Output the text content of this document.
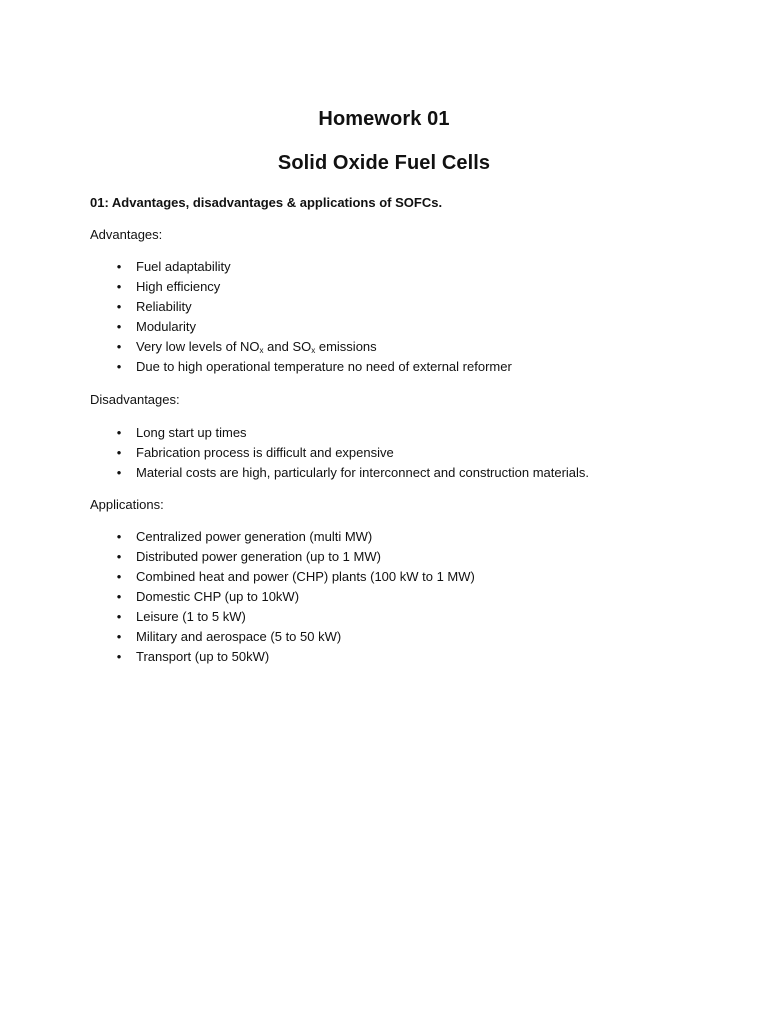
Homework 01
Solid Oxide Fuel Cells
01: Advantages, disadvantages & applications of SOFCs.
Advantages:
• Fuel adaptability
• High efficiency
• Reliability
• Modularity
• Very low levels of $NO_x$ and $SO_x$ emissions
• Due to high operational temperature no need of external reformer
Disadvantages:
• Long start up times
• Fabrication process is difficult and expensive
• Material costs are high, particularly for interconnect and construction materials.
Applications:
• Centralized power generation (multi MW)
• Distributed power generation (up to 1 MW)
• Combined heat and power (CHP) plants (100 kW to 1 MW)
• Domestic CHP (up to 10kW)
• Leisure (1 to 5 kW)
• Military and aerospace (5 to 50 kW)
• Transport (up to 50kW)
